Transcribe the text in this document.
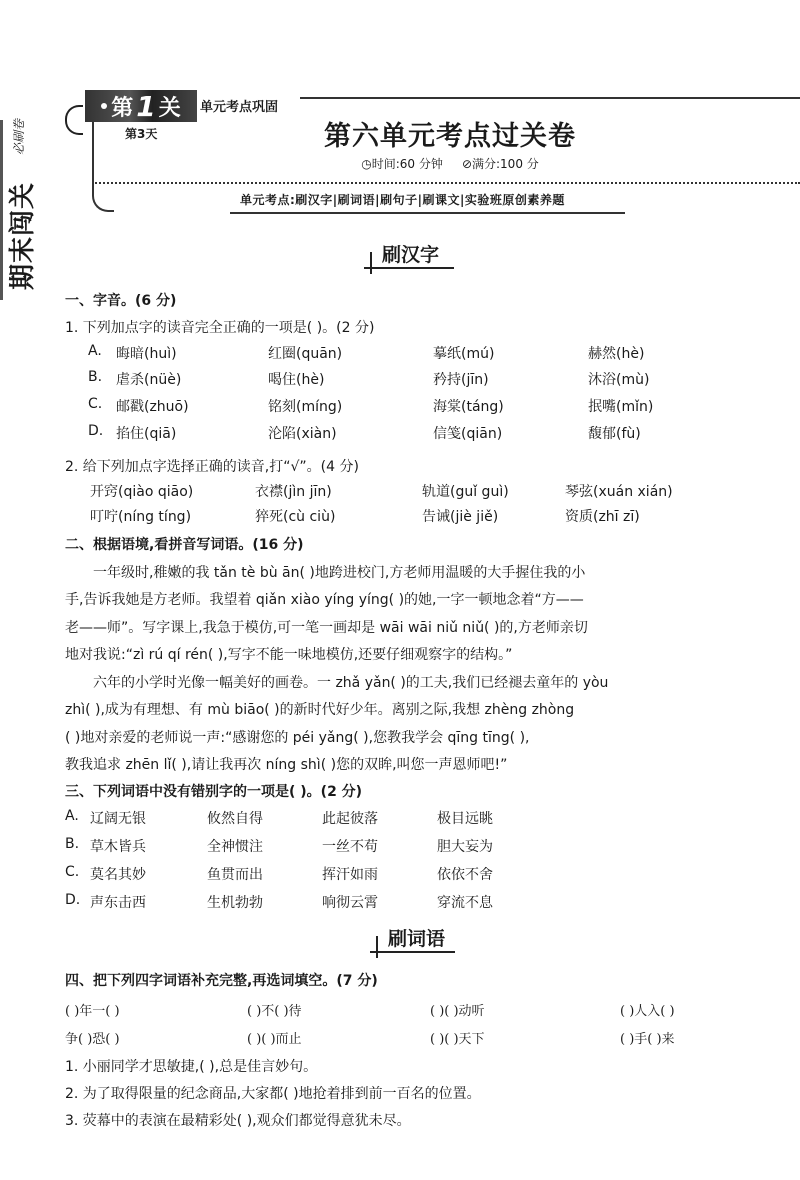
期末闯关
必刷卷
第 1 关 单元考点巩固
第3天	第六单元考点过关卷
◷时间:60 分钟 ⊘满分:100 分
单元考点:刷汉字|刷词语|刷句子|刷课文|实验班原创素养题
刷汉字
一、字音。(6 分)
1. 下列加点字的读音完全正确的一项是( )。(2 分)
A. 晦暗(huì)	红圈(quān)	摹纸(mú)	赫然(hè)
B. 虐杀(nüè)	喝住(hè)	矜持(jīn)	沐浴(mù)
C. 邮戳(zhuō)	铭刻(míng)	海棠(táng)	抿嘴(mǐn)
D. 掐住(qiā)	沦陷(xiàn)	信笺(qiān)	馥郁(fù)
2. 给下列加点字选择正确的读音,打“√”。(4 分)
开窍(qiào qiāo)	衣襟(jìn jīn)	轨道(guǐ guì)	琴弦(xuán xián)
叮咛(níng tíng)	猝死(cù ciù)	告诫(jiè jiě)	资质(zhī zī)
二、根据语境,看拼音写词语。(16 分)
　　一年级时,稚嫩的我 tǎn tè bù ān( )地跨进校门,方老师用温暖的大手握住我的小
手,告诉我她是方老师。我望着 qiǎn xiào yíng yíng( )的她,一字一顿地念着“方——
老——师”。写字课上,我急于模仿,可一笔一画却是 wāi wāi niǔ niǔ( )的,方老师亲切
地对我说:“zì rú qí rén( ),写字不能一味地模仿,还要仔细观察字的结构。”
　　六年的小学时光像一幅美好的画卷。一 zhǎ yǎn( )的工夫,我们已经褪去童年的 yòu
zhì( ),成为有理想、有 mù biāo( )的新时代好少年。离别之际,我想 zhèng zhòng
( )地对亲爱的老师说一声:“感谢您的 péi yǎng( ),您教我学会 qīng tīng( ),
教我追求 zhēn lǐ( ),请让我再次 níng shì( )您的双眸,叫您一声恩师吧!”
三、下列词语中没有错别字的一项是( )。(2 分)
A. 辽阔无银	攸然自得	此起彼落	极目远眺
B. 草木皆兵	全神惯注	一丝不苟	胆大妄为
C. 莫名其妙	鱼贯而出	挥汗如雨	依依不舍
D. 声东击西	生机勃勃	响彻云霄	穿流不息
刷词语
四、把下列四字词语补充完整,再选词填空。(7 分)
( )年一( )	( )不( )待	( )( )动听	( )人入( )
争( )恐( )	( )( )而止	( )( )天下	( )手( )来
1. 小丽同学才思敏捷,( ),总是佳言妙句。
2. 为了取得限量的纪念商品,大家都( )地抢着排到前一百名的位置。
3. 荧幕中的表演在最精彩处( ),观众们都觉得意犹未尽。
